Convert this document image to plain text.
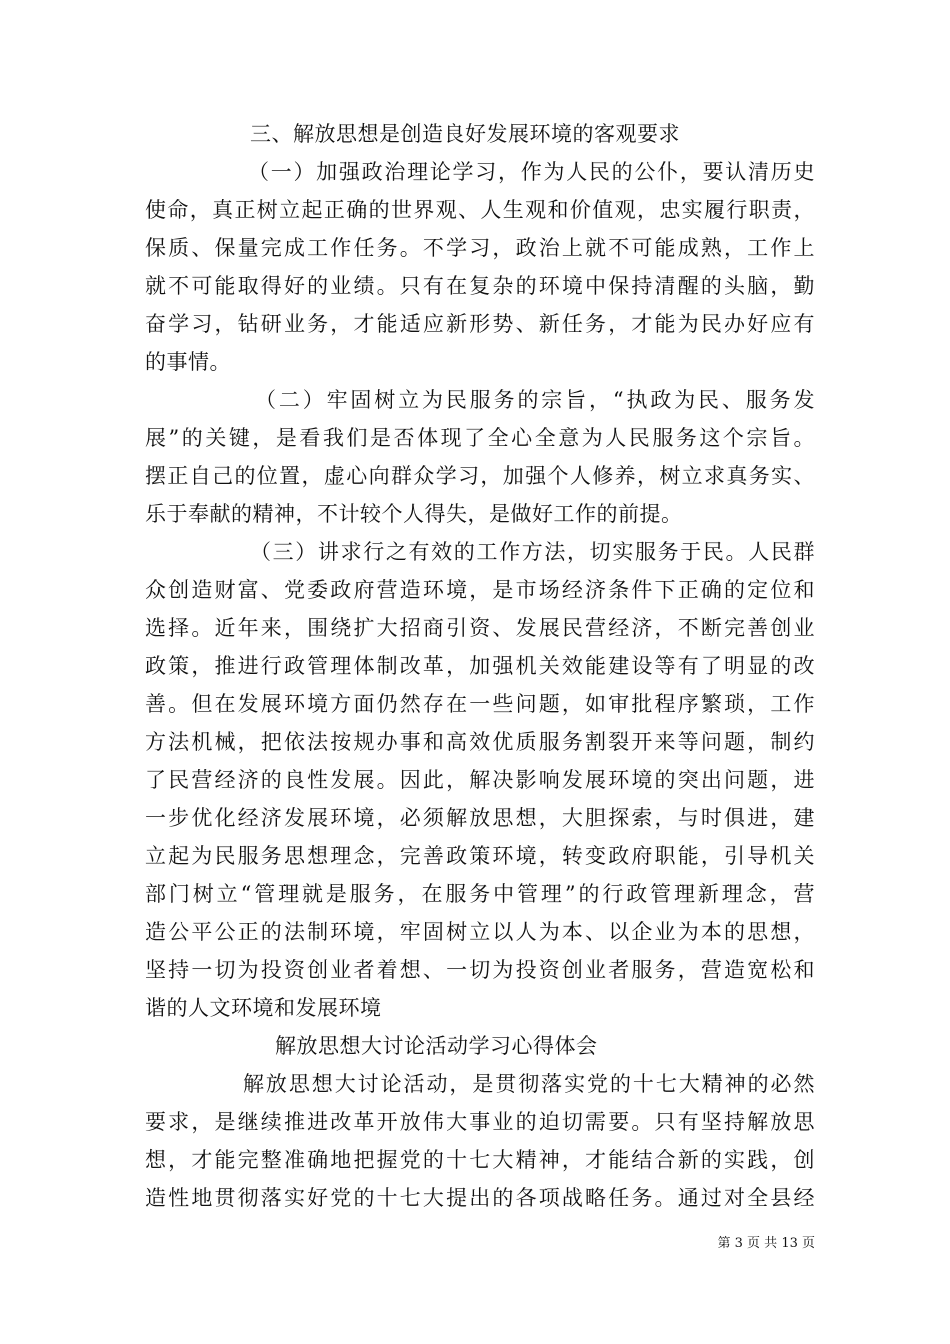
三、解放思想是创造良好发展环境的客观要求
（一）加强政治理论学习，作为人民的公仆，要认清历史
使命，真正树立起正确的世界观、人生观和价值观，忠实履行职责，
保质、保量完成工作任务。不学习，政治上就不可能成熟，工作上
就不可能取得好的业绩。只有在复杂的环境中保持清醒的头脑，勤
奋学习，钻研业务，才能适应新形势、新任务，才能为民办好应有
的事情。
（二）牢固树立为民服务的宗旨，“执政为民、服务发
展”的关键，是看我们是否体现了全心全意为人民服务这个宗旨。
摆正自己的位置，虚心向群众学习，加强个人修养，树立求真务实、
乐于奉献的精神，不计较个人得失，是做好工作的前提。
（三）讲求行之有效的工作方法，切实服务于民。人民群
众创造财富、党委政府营造环境，是市场经济条件下正确的定位和
选择。近年来，围绕扩大招商引资、发展民营经济，不断完善创业
政策，推进行政管理体制改革，加强机关效能建设等有了明显的改
善。但在发展环境方面仍然存在一些问题，如审批程序繁琐，工作
方法机械，把依法按规办事和高效优质服务割裂开来等问题，制约
了民营经济的良性发展。因此，解决影响发展环境的突出问题，进
一步优化经济发展环境，必须解放思想，大胆探索，与时俱进，建
立起为民服务思想理念，完善政策环境，转变政府职能，引导机关
部门树立“管理就是服务，在服务中管理”的行政管理新理念，营
造公平公正的法制环境，牢固树立以人为本、以企业为本的思想，
坚持一切为投资创业者着想、一切为投资创业者服务，营造宽松和
谐的人文环境和发展环境
解放思想大讨论活动学习心得体会
解放思想大讨论活动，是贯彻落实党的十七大精神的必然
要求，是继续推进改革开放伟大事业的迫切需要。只有坚持解放思
想，才能完整准确地把握党的十七大精神，才能结合新的实践，创
造性地贯彻落实好党的十七大提出的各项战略任务。通过对全县经
第 3 页 共 13 页
